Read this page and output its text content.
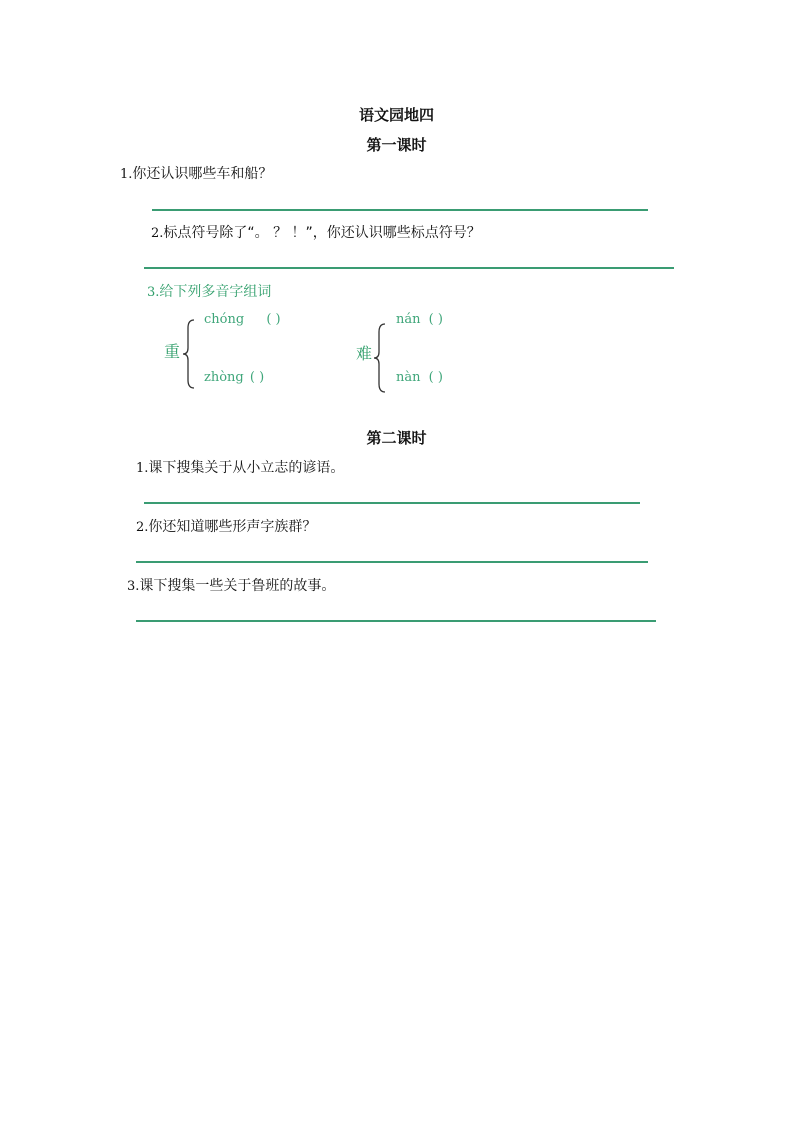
语文园地四
第一课时
1.你还认识哪些车和船？
2.标点符号除了“。 ？ ！”，你还认识哪些标点符号？
3.给下列多音字组词
重
chóng ( )
zhòng ( )
难
nán ( )
nàn ( )
第二课时
1.课下搜集关于从小立志的谚语。
2.你还知道哪些形声字族群？
3.课下搜集一些关于鲁班的故事。
